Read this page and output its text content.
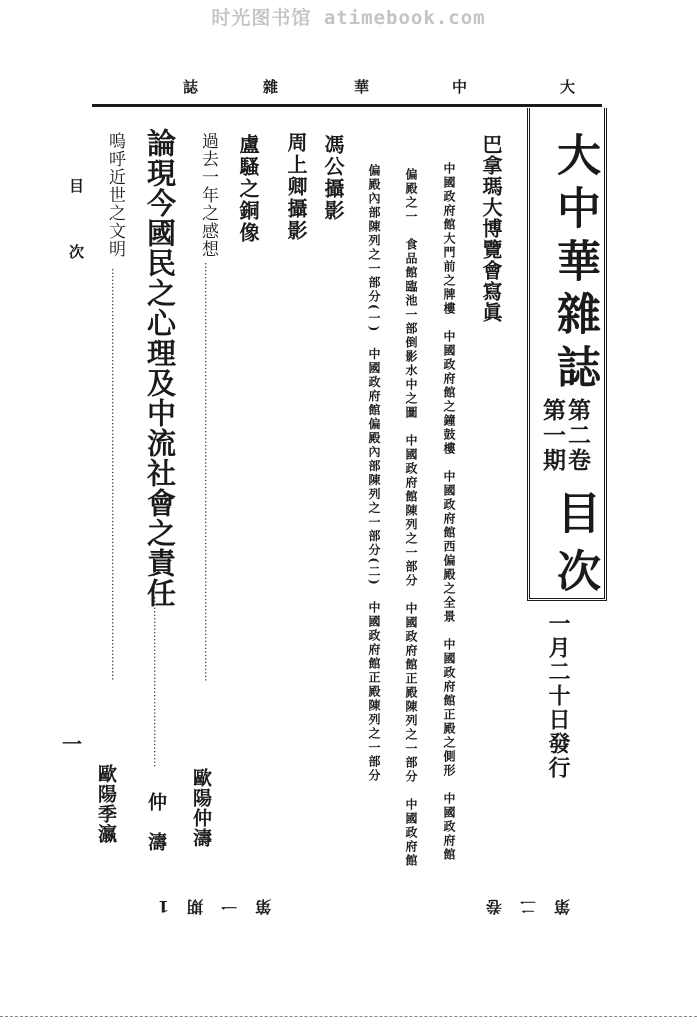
时光图书馆 atimebook.com
大
中
華
雜
誌
大中華雜誌
第二卷
第一期
目次
一月二十日發行
巴拿瑪大博覽會寫眞
中國政府館大門前之牌樓　中國政府館之鐘鼓樓　中國政府館西偏殿之全景　中國政府館正殿之側形　中國政府館
偏殿之一　食品館臨池一部倒影水中之圖　中國政府館陳列之一部分　中國政府館正殿陳列之一部分　中國政府館
偏殿內部陳列之一部分(一)　中國政府館偏殿內部陳列之一部分(二)　中國政府館正殿陳列之一部分
馮公攝影
周上卿攝影
盧騷之銅像
過去一年之感想
························································································································
歐陽仲濤
論現今國民之心理及中流社會之責任
·················································
仲　濤
嗚呼近世之文明
······················································································································
歐陽季瀛
目　次
一
第二卷
第一期1
